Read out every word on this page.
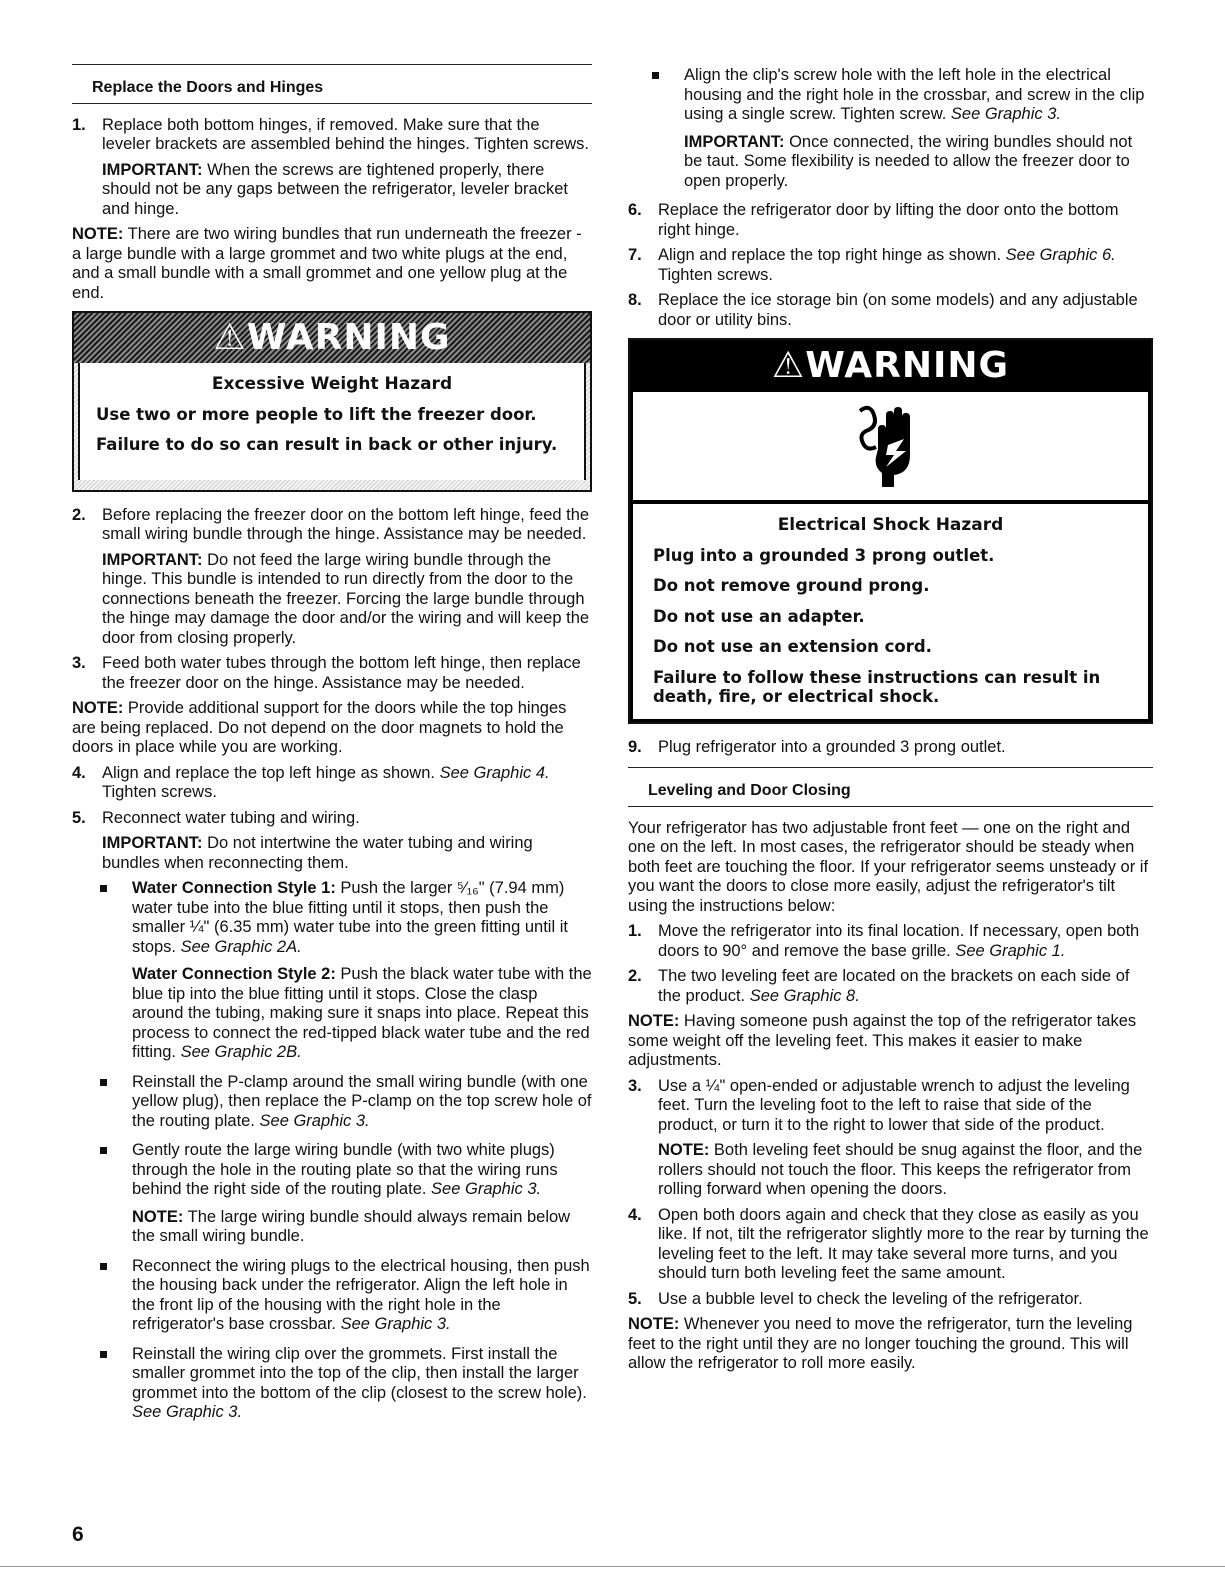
Replace the Doors and Hinges
1. Replace both bottom hinges, if removed. Make sure that the leveler brackets are assembled behind the hinges. Tighten screws.

IMPORTANT: When the screws are tightened properly, there should not be any gaps between the refrigerator, leveler bracket and hinge.

NOTE: There are two wiring bundles that run underneath the freezer - a large bundle with a large grommet and two white plugs at the end, and a small bundle with a small grommet and one yellow plug at the end.

⚠ WARNING
Excessive Weight Hazard
Use two or more people to lift the freezer door.
Failure to do so can result in back or other injury.
2. Before replacing the freezer door on the bottom left hinge, feed the small wiring bundle through the hinge. Assistance may be needed.

IMPORTANT: Do not feed the large wiring bundle through the hinge. This bundle is intended to run directly from the door to the connections beneath the freezer. Forcing the large bundle through the hinge may damage the door and/or the wiring and will keep the door from closing properly.

3. Feed both water tubes through the bottom left hinge, then replace the freezer door on the hinge. Assistance may be needed.

NOTE: Provide additional support for the doors while the top hinges are being replaced. Do not depend on the door magnets to hold the doors in place while you are working.

4. Align and replace the top left hinge as shown. See Graphic 4. Tighten screws.

5. Reconnect water tubing and wiring.

IMPORTANT: Do not intertwine the water tubing and wiring bundles when reconnecting them.

Water Connection Style 1: Push the larger ⁵⁄₁₆" (7.94 mm) water tube into the blue fitting until it stops, then push the smaller ¼" (6.35 mm) water tube into the green fitting until it stops. See Graphic 2A.

Water Connection Style 2: Push the black water tube with the blue tip into the blue fitting until it stops. Close the clasp around the tubing, making sure it snaps into place. Repeat this process to connect the red-tipped black water tube and the red fitting. See Graphic 2B.

Reinstall the P-clamp around the small wiring bundle (with one yellow plug), then replace the P-clamp on the top screw hole of the routing plate. See Graphic 3.

Gently route the large wiring bundle (with two white plugs) through the hole in the routing plate so that the wiring runs behind the right side of the routing plate. See Graphic 3.

NOTE: The large wiring bundle should always remain below the small wiring bundle.

Reconnect the wiring plugs to the electrical housing, then push the housing back under the refrigerator. Align the left hole in the front lip of the housing with the right hole in the refrigerator's base crossbar. See Graphic 3.

Reinstall the wiring clip over the grommets. First install the smaller grommet into the top of the clip, then install the larger grommet into the bottom of the clip (closest to the screw hole). See Graphic 3.

Align the clip's screw hole with the left hole in the electrical housing and the right hole in the crossbar, and screw in the clip using a single screw. Tighten screw. See Graphic 3.

IMPORTANT: Once connected, the wiring bundles should not be taut. Some flexibility is needed to allow the freezer door to open properly.

6. Replace the refrigerator door by lifting the door onto the bottom right hinge.

7. Align and replace the top right hinge as shown. See Graphic 6. Tighten screws.

8. Replace the ice storage bin (on some models) and any adjustable door or utility bins.

⚠ WARNING
Electrical Shock Hazard
Plug into a grounded 3 prong outlet.
Do not remove ground prong.
Do not use an adapter.
Do not use an extension cord.
Failure to follow these instructions can result in death, fire, or electrical shock.
9. Plug refrigerator into a grounded 3 prong outlet.

Leveling and Door Closing

Your refrigerator has two adjustable front feet — one on the right and one on the left. In most cases, the refrigerator should be steady when both feet are touching the floor. If your refrigerator seems unsteady or if you want the doors to close more easily, adjust the refrigerator's tilt using the instructions below:

1. Move the refrigerator into its final location. If necessary, open both doors to 90° and remove the base grille. See Graphic 1.

2. The two leveling feet are located on the brackets on each side of the product. See Graphic 8.

NOTE: Having someone push against the top of the refrigerator takes some weight off the leveling feet. This makes it easier to make adjustments.

3. Use a ¼" open-ended or adjustable wrench to adjust the leveling feet. Turn the leveling foot to the left to raise that side of the product, or turn it to the right to lower that side of the product.

NOTE: Both leveling feet should be snug against the floor, and the rollers should not touch the floor. This keeps the refrigerator from rolling forward when opening the doors.

4. Open both doors again and check that they close as easily as you like. If not, tilt the refrigerator slightly more to the rear by turning the leveling feet to the left. It may take several more turns, and you should turn both leveling feet the same amount.

5. Use a bubble level to check the leveling of the refrigerator.

NOTE: Whenever you need to move the refrigerator, turn the leveling feet to the right until they are no longer touching the ground. This will allow the refrigerator to roll more easily.

6
